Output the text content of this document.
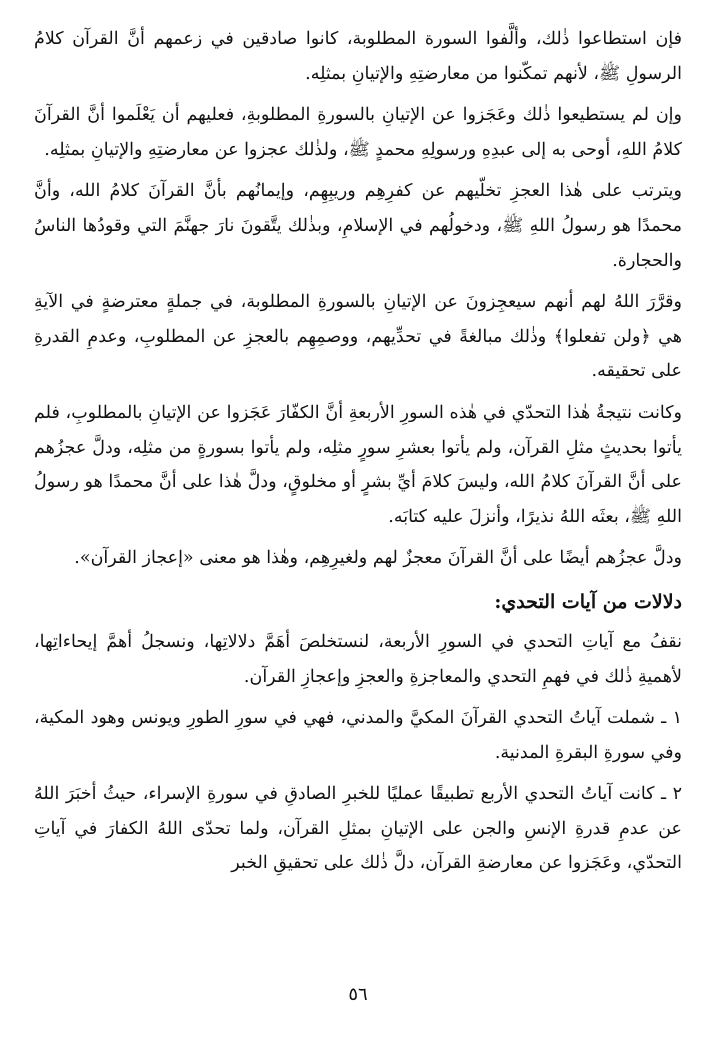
فإن استطاعوا ذٰلك، وألَّفوا السورة المطلوبة، كانوا صادقين في زعمهم أنَّ القرآن كلامُ الرسولِ ﷺ، لأنهم تمكّنوا من معارضتِهِ والإتيانِ بمثلِه.

وإن لم يستطيعوا ذٰلك وعَجَزوا عن الإتيانِ بالسورةِ المطلوبةِ، فعليهم أن يَعْلَموا أنَّ القرآنَ كلامُ اللهِ، أوحى به إلى عبدِهِ ورسولِهِ محمدٍ ﷺ، ولذٰلك عجزوا عن معارضتِهِ والإتيانِ بمثلِه.

ويترتب على هٰذا العجزِ تخلّيهم عن كفرِهِم وريبِهِم، وإيمانُهم بأنَّ القرآنَ كلامُ الله، وأنَّ محمدًا هو رسولُ اللهِ ﷺ، ودخولُهم في الإسلامِ، وبذٰلك يتَّقونَ نارَ جهنَّمَ التي وقودُها الناسُ والحجارة.

وقرَّرَ اللهُ لهم أنهم سيعجِزونَ عن الإتيانِ بالسورةِ المطلوبة، في جملةٍ معترضةٍ في الآيةِ هي ﴿ولن تفعلوا﴾ وذٰلك مبالغةً في تحدِّيهم، ووصمِهِم بالعجزِ عن المطلوبِ، وعدمِ القدرةِ على تحقيقه.

وكانت نتيجةُ هٰذا التحدّي في هٰذه السورِ الأربعةِ أنَّ الكفّارَ عَجَزوا عن الإتيانِ بالمطلوبِ، فلم يأتوا بحديثٍ مثلِ القرآن، ولم يأتوا بعشرِ سورٍ مثلِه، ولم يأتوا بسورةٍ من مثلِه، ودلَّ عجزُهم على أنَّ القرآنَ كلامُ الله، وليسَ كلامَ أيِّ بشرٍ أو مخلوقٍ، ودلَّ هٰذا على أنَّ محمدًا هو رسولُ اللهِ ﷺ، بعثَه اللهُ نذيرًا، وأنزلَ عليه كتابَه.

ودلَّ عجزُهم أيضًا على أنَّ القرآنَ معجزٌ لهم ولغيرِهِم، وهٰذا هو معنى «إعجاز القرآن».

دلالات من آيات التحدي:

نقفُ مع آياتِ التحدي في السورِ الأربعة، لنستخلصَ أهَمَّ دلالاتِها، ونسجلُ أهمَّ إيحاءاتِها، لأهميةِ ذٰلك في فهمِ التحدي والمعاجزةِ والعجزِ وإعجازِ القرآن.

١ ـ شملت آياتُ التحدي القرآنَ المكيَّ والمدني، فهي في سورِ الطورِ ويونس وهود المكية، وفي سورةِ البقرةِ المدنية.

٢ ـ كانت آياتُ التحدي الأربع تطبيقًا عمليًا للخبرِ الصادقِ في سورةِ الإسراء، حيثُ أخبَرَ اللهُ عن عدمِ قدرةِ الإنسِ والجن على الإتيانِ بمثلِ القرآن، ولما تحدّى اللهُ الكفارَ في آياتِ التحدّي، وعَجَزوا عن معارضةِ القرآن، دلَّ ذٰلك على تحقيقِ الخبر

٥٦
